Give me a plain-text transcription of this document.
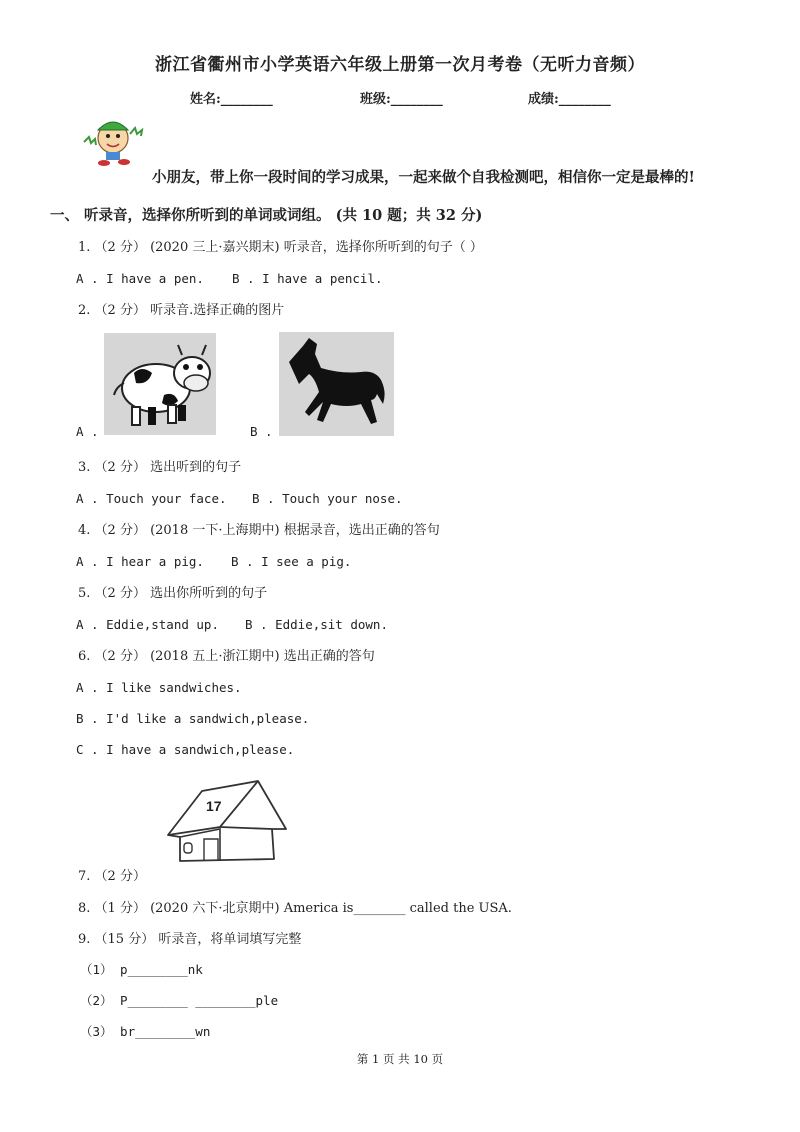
浙江省衢州市小学英语六年级上册第一次月考卷（无听力音频）
姓名:________	班级:________	成绩:________
小朋友，带上你一段时间的学习成果，一起来做个自我检测吧，相信你一定是最棒的!
一、 听录音，选择你所听到的单词或词组。 (共 10 题；共 32 分)
1. （2 分） (2020 三上·嘉兴期末) 听录音，选择你所听到的句子（ ）
A . I have a pen. B . I have a pencil.
2. （2 分） 听录音.选择正确的图片
A .	B .
3. （2 分） 选出听到的句子
A . Touch your face. B . Touch your nose.
4. （2 分） (2018 一下·上海期中) 根据录音，选出正确的答句
A . I hear a pig. B . I see a pig.
5. （2 分） 选出你所听到的句子
A . Eddie,stand up. B . Eddie,sit down.
6. （2 分） (2018 五上·浙江期中) 选出正确的答句
A . I like sandwiches.
B . I'd like a sandwich,please.
C . I have a sandwich,please.
17
7. （2 分）
8. （1 分） (2020 六下·北京期中) America is________ called the USA.
9. （15 分） 听录音，将单词填写完整
（1） p________nk
（2） P________ ________ple
（3） br________wn
第 1 页 共 10 页
